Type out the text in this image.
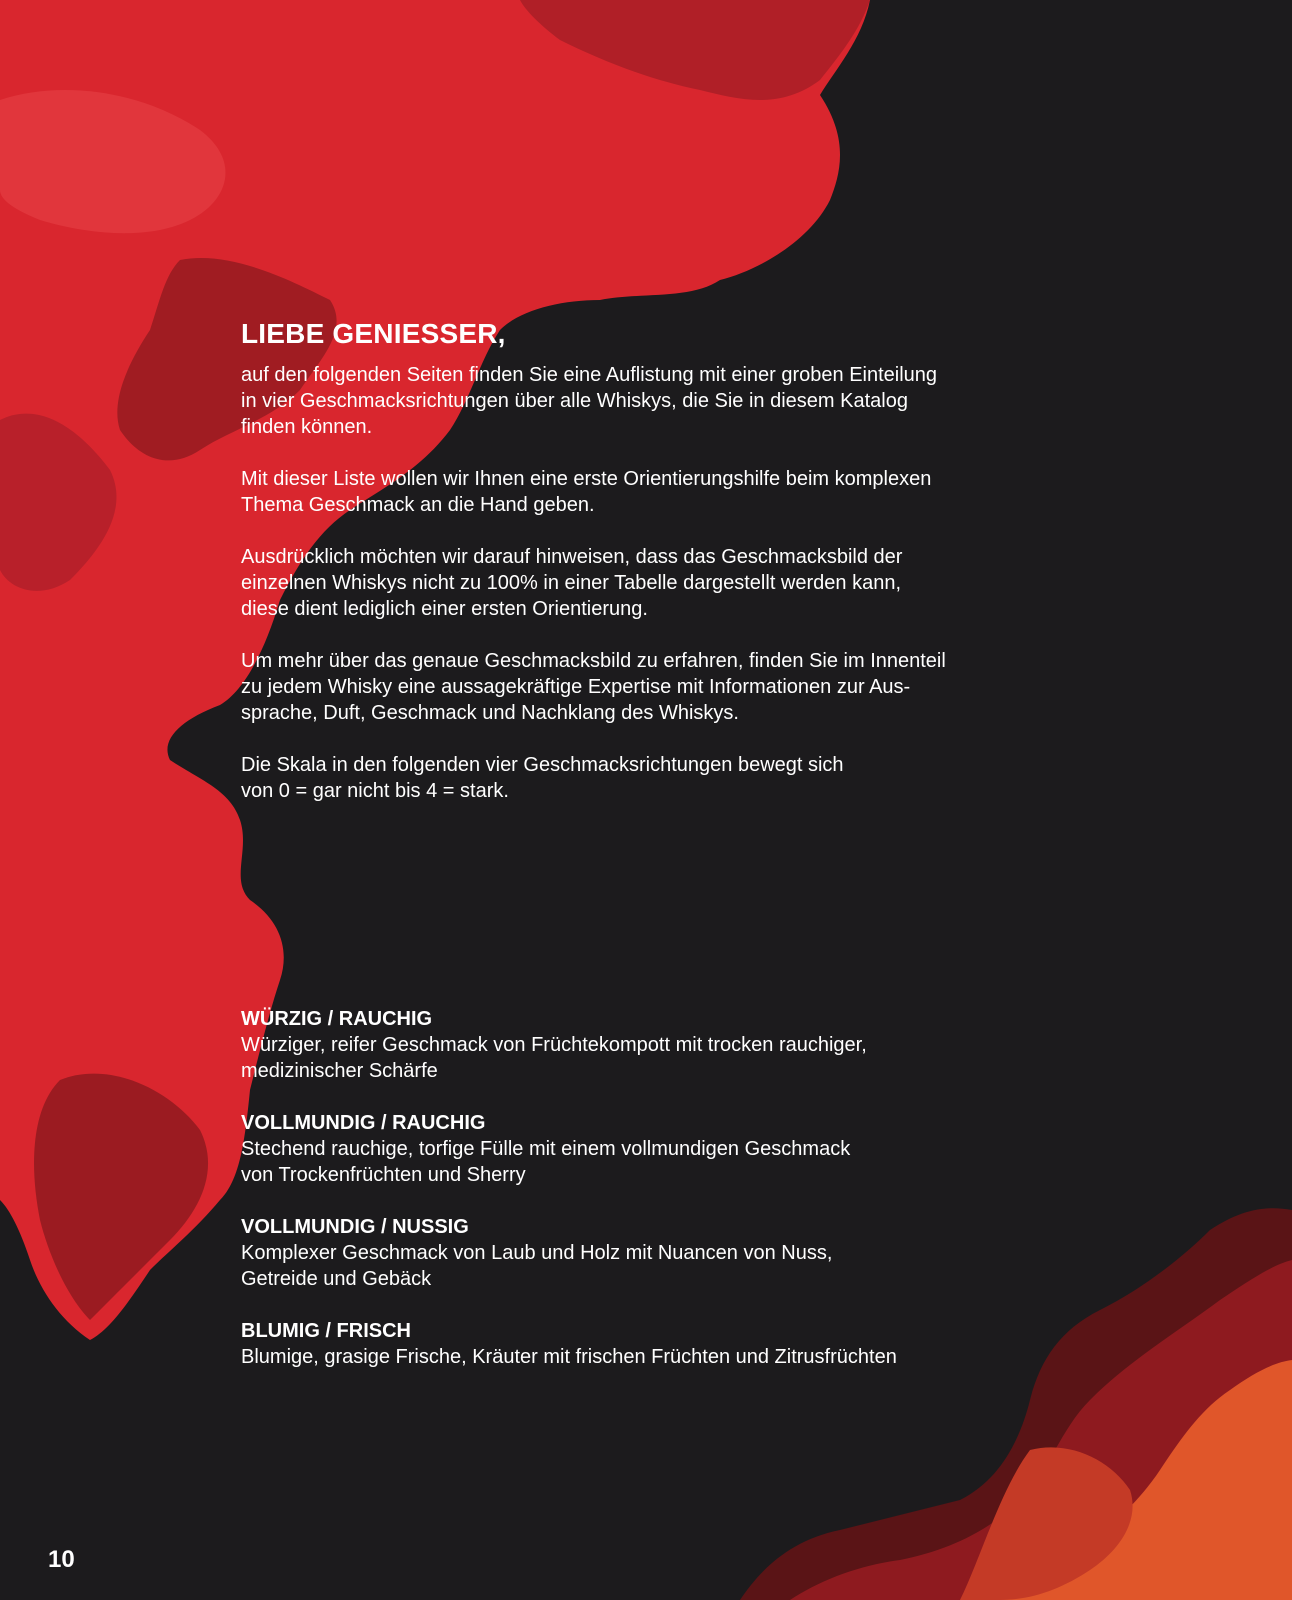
LIEBE GENIESSER,

auf den folgenden Seiten finden Sie eine Auflistung mit einer groben Einteilung
in vier Geschmacksrichtungen über alle Whiskys, die Sie in diesem Katalog
finden können.

Mit dieser Liste wollen wir Ihnen eine erste Orientierungshilfe beim komplexen
Thema Geschmack an die Hand geben.

Ausdrücklich möchten wir darauf hinweisen, dass das Geschmacksbild der
einzelnen Whiskys nicht zu 100% in einer Tabelle dargestellt werden kann,
diese dient lediglich einer ersten Orientierung.

Um mehr über das genaue Geschmacksbild zu erfahren, finden Sie im Innenteil
zu jedem Whisky eine aussagekräftige Expertise mit Informationen zur Aus-
sprache, Duft, Geschmack und Nachklang des Whiskys.

Die Skala in den folgenden vier Geschmacksrichtungen bewegt sich
von 0 = gar nicht bis 4 = stark.

WÜRZIG / RAUCHIG
Würziger, reifer Geschmack von Früchtekompott mit trocken rauchiger,
medizinischer Schärfe
VOLLMUNDIG / RAUCHIG
Stechend rauchige, torfige Fülle mit einem vollmundigen Geschmack
von Trockenfrüchten und Sherry
VOLLMUNDIG / NUSSIG
Komplexer Geschmack von Laub und Holz mit Nuancen von Nuss,
Getreide und Gebäck
BLUMIG / FRISCH
Blumige, grasige Frische, Kräuter mit frischen Früchten und Zitrusfrüchten
10
